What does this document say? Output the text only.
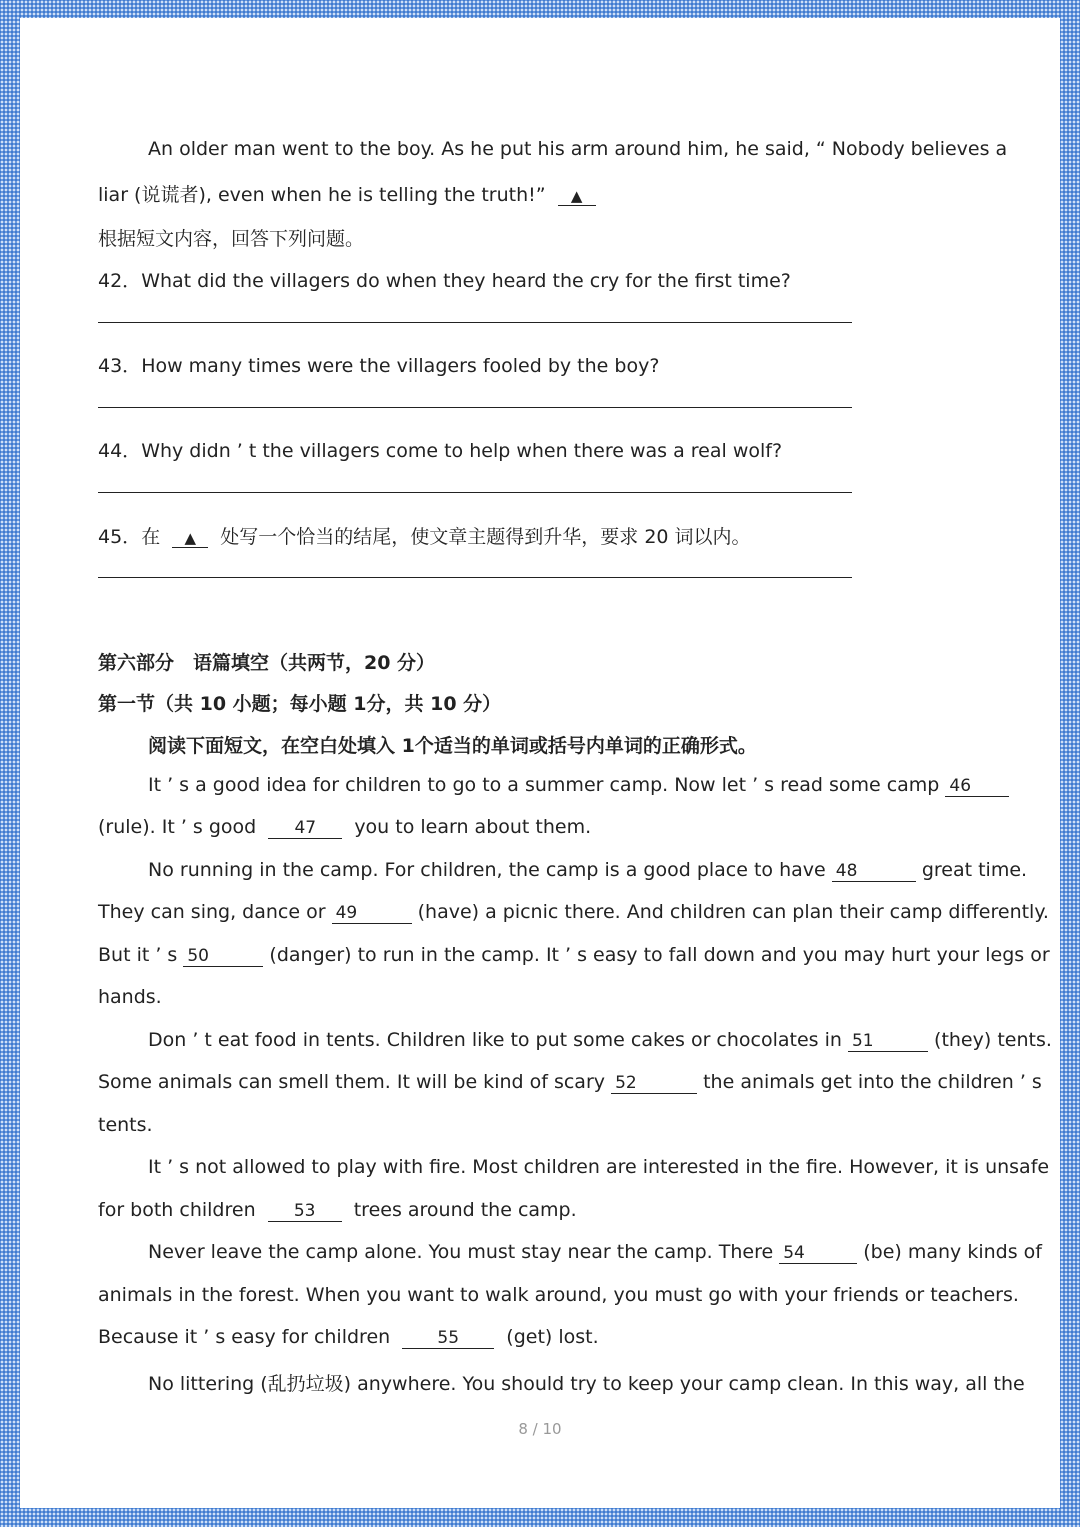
An older man went to the boy. As he put his arm around him, he said, “ Nobody believes a
liar (说谎者), even when he is telling the truth!” ▲
根据短文内容，回答下列问题。
42．What did the villagers do when they heard the cry for the first time?
43．How many times were the villagers fooled by the boy?
44．Why didn ’ t the villagers come to help when there was a real wolf?
45．在 ▲ 处写一个恰当的结尾，使文章主题得到升华，要求 20 词以内。
第六部分　语篇填空（共两节，20 分）
第一节（共 10 小题；每小题 1分，共 10 分）
阅读下面短文，在空白处填入 1个适当的单词或括号内单词的正确形式。
It ’ s a good idea for children to go to a summer camp. Now let ’ s read some camp 46
(rule). It ’ s good 47 you to learn about them.
No running in the camp. For children, the camp is a good place to have 48	great time.
They can sing, dance or 49	(have) a picnic there. And children can plan their camp differently.
But it ’ s 50	(danger) to run in the camp. It ’ s easy to fall down and you may hurt your legs or
hands.
Don ’ t eat food in tents. Children like to put some cakes or chocolates in 51	(they) tents.
Some animals can smell them. It will be kind of scary 52	the animals get into the children ’ s
tents.
It ’ s not allowed to play with fire. Most children are interested in the fire. However, it is unsafe
for both children 53 trees around the camp.
Never leave the camp alone. You must stay near the camp. There 54	(be) many kinds of
animals in the forest. When you want to walk around, you must go with your friends or teachers.
Because it ’ s easy for children	55 (get) lost.
No littering (乱扔垃圾) anywhere. You should try to keep your camp clean. In this way, all the
8 / 10
